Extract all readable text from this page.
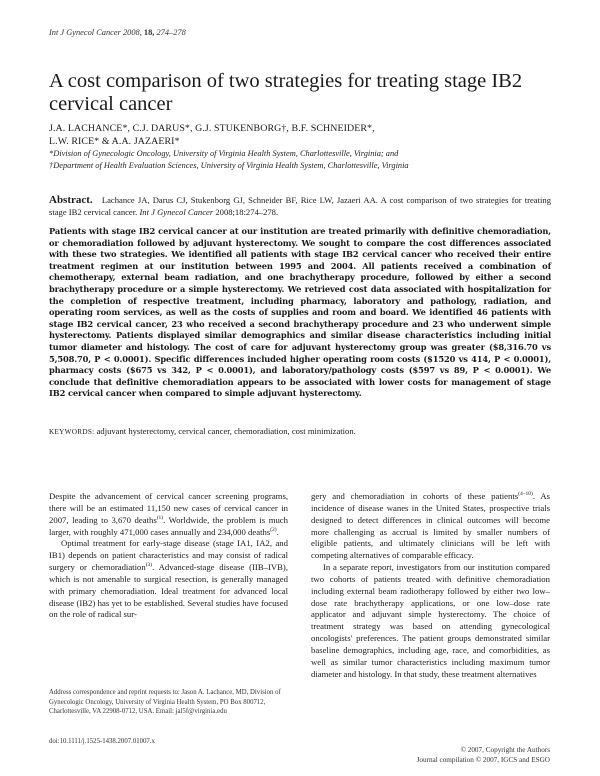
Int J Gynecol Cancer 2008, 18, 274–278
A cost comparison of two strategies for treating stage IB2 cervical cancer
J.A. LACHANCE*, C.J. DARUS*, G.J. STUKENBORG†, B.F. SCHNEIDER*,
L.W. RICE* & A.A. JAZAERI*
*Division of Gynecologic Oncology, University of Virginia Health System, Charlottesville, Virginia; and
†Department of Health Evaluation Sciences, University of Virginia Health System, Charlottesville, Virginia
Abstract. Lachance JA, Darus CJ, Stukenborg GJ, Schneider BF, Rice LW, Jazaeri AA. A cost comparison of two strategies for treating stage IB2 cervical cancer. Int J Gynecol Cancer 2008;18:274–278.
Patients with stage IB2 cervical cancer at our institution are treated primarily with definitive chemoradiation, or chemoradiation followed by adjuvant hysterectomy. We sought to compare the cost differences associated with these two strategies. We identified all patients with stage IB2 cervical cancer who received their entire treatment regimen at our institution between 1995 and 2004. All patients received a combination of chemotherapy, external beam radiation, and one brachytherapy procedure, followed by either a second brachytherapy procedure or a simple hysterectomy. We retrieved cost data associated with hospitalization for the completion of respective treatment, including pharmacy, laboratory and pathology, radiation, and operating room services, as well as the costs of supplies and room and board. We identified 46 patients with stage IB2 cervical cancer, 23 who received a second brachytherapy procedure and 23 who underwent simple hysterectomy. Patients displayed similar demographics and similar disease characteristics including initial tumor diameter and histology. The cost of care for adjuvant hysterectomy group was greater ($8,316.70 vs 5,508.70, P < 0.0001). Specific differences included higher operating room costs ($1520 vs 414, P < 0.0001), pharmacy costs ($675 vs 342, P < 0.0001), and laboratory/pathology costs ($597 vs 89, P < 0.0001). We conclude that definitive chemoradiation appears to be associated with lower costs for management of stage IB2 cervical cancer when compared to simple adjuvant hysterectomy.
KEYWORDS: adjuvant hysterectomy, cervical cancer, chemoradiation, cost minimization.

Despite the advancement of cervical cancer screening programs, there will be an estimated 11,150 new cases of cervical cancer in 2007, leading to 3,670 deaths$^{(1)}$. Worldwide, the problem is much larger, with roughly 471,000 cases annually and 234,000 deaths$^{(2)}$.

Optimal treatment for early-stage disease (stage IA1, IA2, and IB1) depends on patient characteristics and may consist of radical surgery or chemoradiation$^{(3)}$. Advanced-stage disease (IIB–IVB), which is not amenable to surgical resection, is generally managed with primary chemoradiation. Ideal treatment for advanced local disease (IB2) has yet to be established. Several studies have focused on the role of radical sur-

gery and chemoradiation in cohorts of these patients$^{(4-10)}$. As incidence of disease wanes in the United States, prospective trials designed to detect differences in clinical outcomes will become more challenging as accrual is limited by smaller numbers of eligible patients, and ultimately clinicians will be left with competing alternatives of comparable efficacy.

In a separate report, investigators from our institution compared two cohorts of patients treated with definitive chemoradiation including external beam radiotherapy followed by either two low–dose rate brachytherapy applications, or one low–dose rate applicator and adjuvant simple hysterectomy. The choice of treatment strategy was based on attending gynecological oncologists' preferences. The patient groups demonstrated similar baseline demographics, including age, race, and comorbidities, as well as similar tumor characteristics including maximum tumor diameter and histology. In that study, these treatment alternatives

Address correspondence and reprint requests to: Jason A. Lachance, MD, Division of Gynecologic Oncology, University of Virginia Health System, PO Box 800712, Charlottesville, VA 22908-0712, USA. Email: jal5f@virginia.edu
doi:10.1111/j.1525-1438.2007.01007.x
© 2007, Copyright the Authors
Journal compilation © 2007, IGCS and ESGO
